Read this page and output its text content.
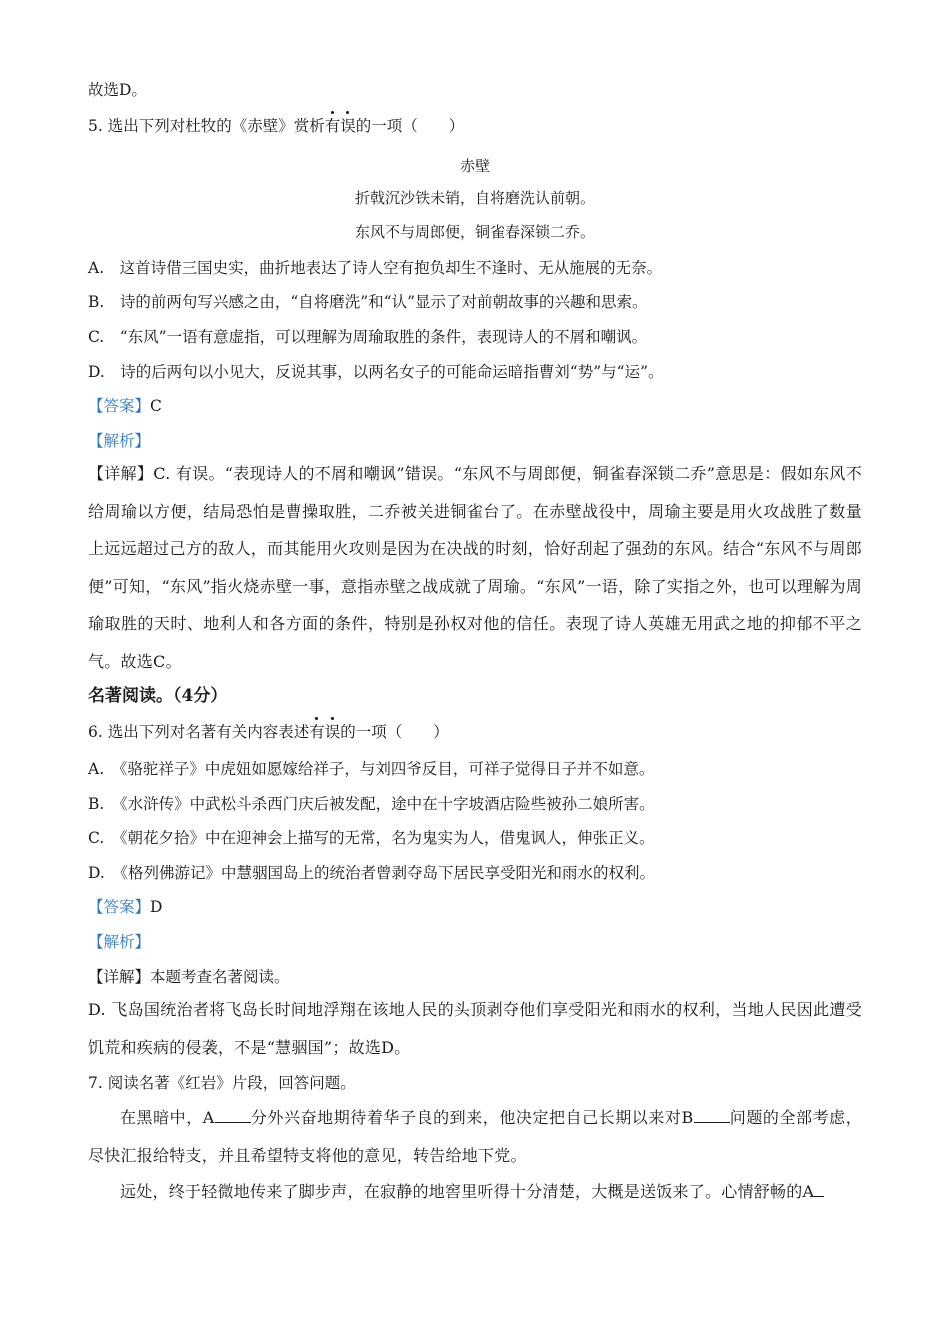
故选D。
5. 选出下列对杜牧的《赤壁》赏析有误的一项（　　）
赤壁
折戟沉沙铁未销，自将磨洗认前朝。
东风不与周郎便，铜雀春深锁二乔。
A.　这首诗借三国史实，曲折地表达了诗人空有抱负却生不逢时、无从施展的无奈。
B.　诗的前两句写兴感之由，“自将磨洗”和“认”显示了对前朝故事的兴趣和思索。
C.　“东风”一语有意虚指，可以理解为周瑜取胜的条件，表现诗人的不屑和嘲讽。
D.　诗的后两句以小见大，反说其事，以两名女子的可能命运暗指曹刘“势”与“运”。
【答案】C
【解析】
【详解】C. 有误。“表现诗人的不屑和嘲讽”错误。“东风不与周郎便，铜雀春深锁二乔”意思是：假如东风不给周瑜以方便，结局恐怕是曹操取胜，二乔被关进铜雀台了。在赤壁战役中，周瑜主要是用火攻战胜了数量上远远超过己方的敌人，而其能用火攻则是因为在决战的时刻，恰好刮起了强劲的东风。结合“东风不与周郎便”可知，“东风”指火烧赤壁一事，意指赤壁之战成就了周瑜。“东风”一语，除了实指之外，也可以理解为周瑜取胜的天时、地利人和各方面的条件，特别是孙权对他的信任。表现了诗人英雄无用武之地的抑郁不平之气。故选C。
名著阅读。（4分）
6. 选出下列对名著有关内容表述有误的一项（　　）
A.　《骆驼祥子》中虎妞如愿嫁给祥子，与刘四爷反目，可祥子觉得日子并不如意。
B.　《水浒传》中武松斗杀西门庆后被发配，途中在十字坡酒店险些被孙二娘所害。
C.　《朝花夕拾》中在迎神会上描写的无常，名为鬼实为人，借鬼讽人，伸张正义。
D.　《格列佛游记》中慧骃国岛上的统治者曾剥夺岛下居民享受阳光和雨水的权利。
【答案】D
【解析】
【详解】本题考查名著阅读。
D. 飞岛国统治者将飞岛长时间地浮翔在该地人民的头顶剥夺他们享受阳光和雨水的权利，当地人民因此遭受饥荒和疾病的侵袭，不是“慧骃国”；故选D。
7. 阅读名著《红岩》片段，回答问题。
在黑暗中，A 分外兴奋地期待着华子良的到来，他决定把自己长期以来对B 问题的全部考虑，尽快汇报给特支，并且希望特支将他的意见，转告给地下党。
远处，终于轻微地传来了脚步声，在寂静的地窖里听得十分清楚，大概是送饭来了。心情舒畅的A
